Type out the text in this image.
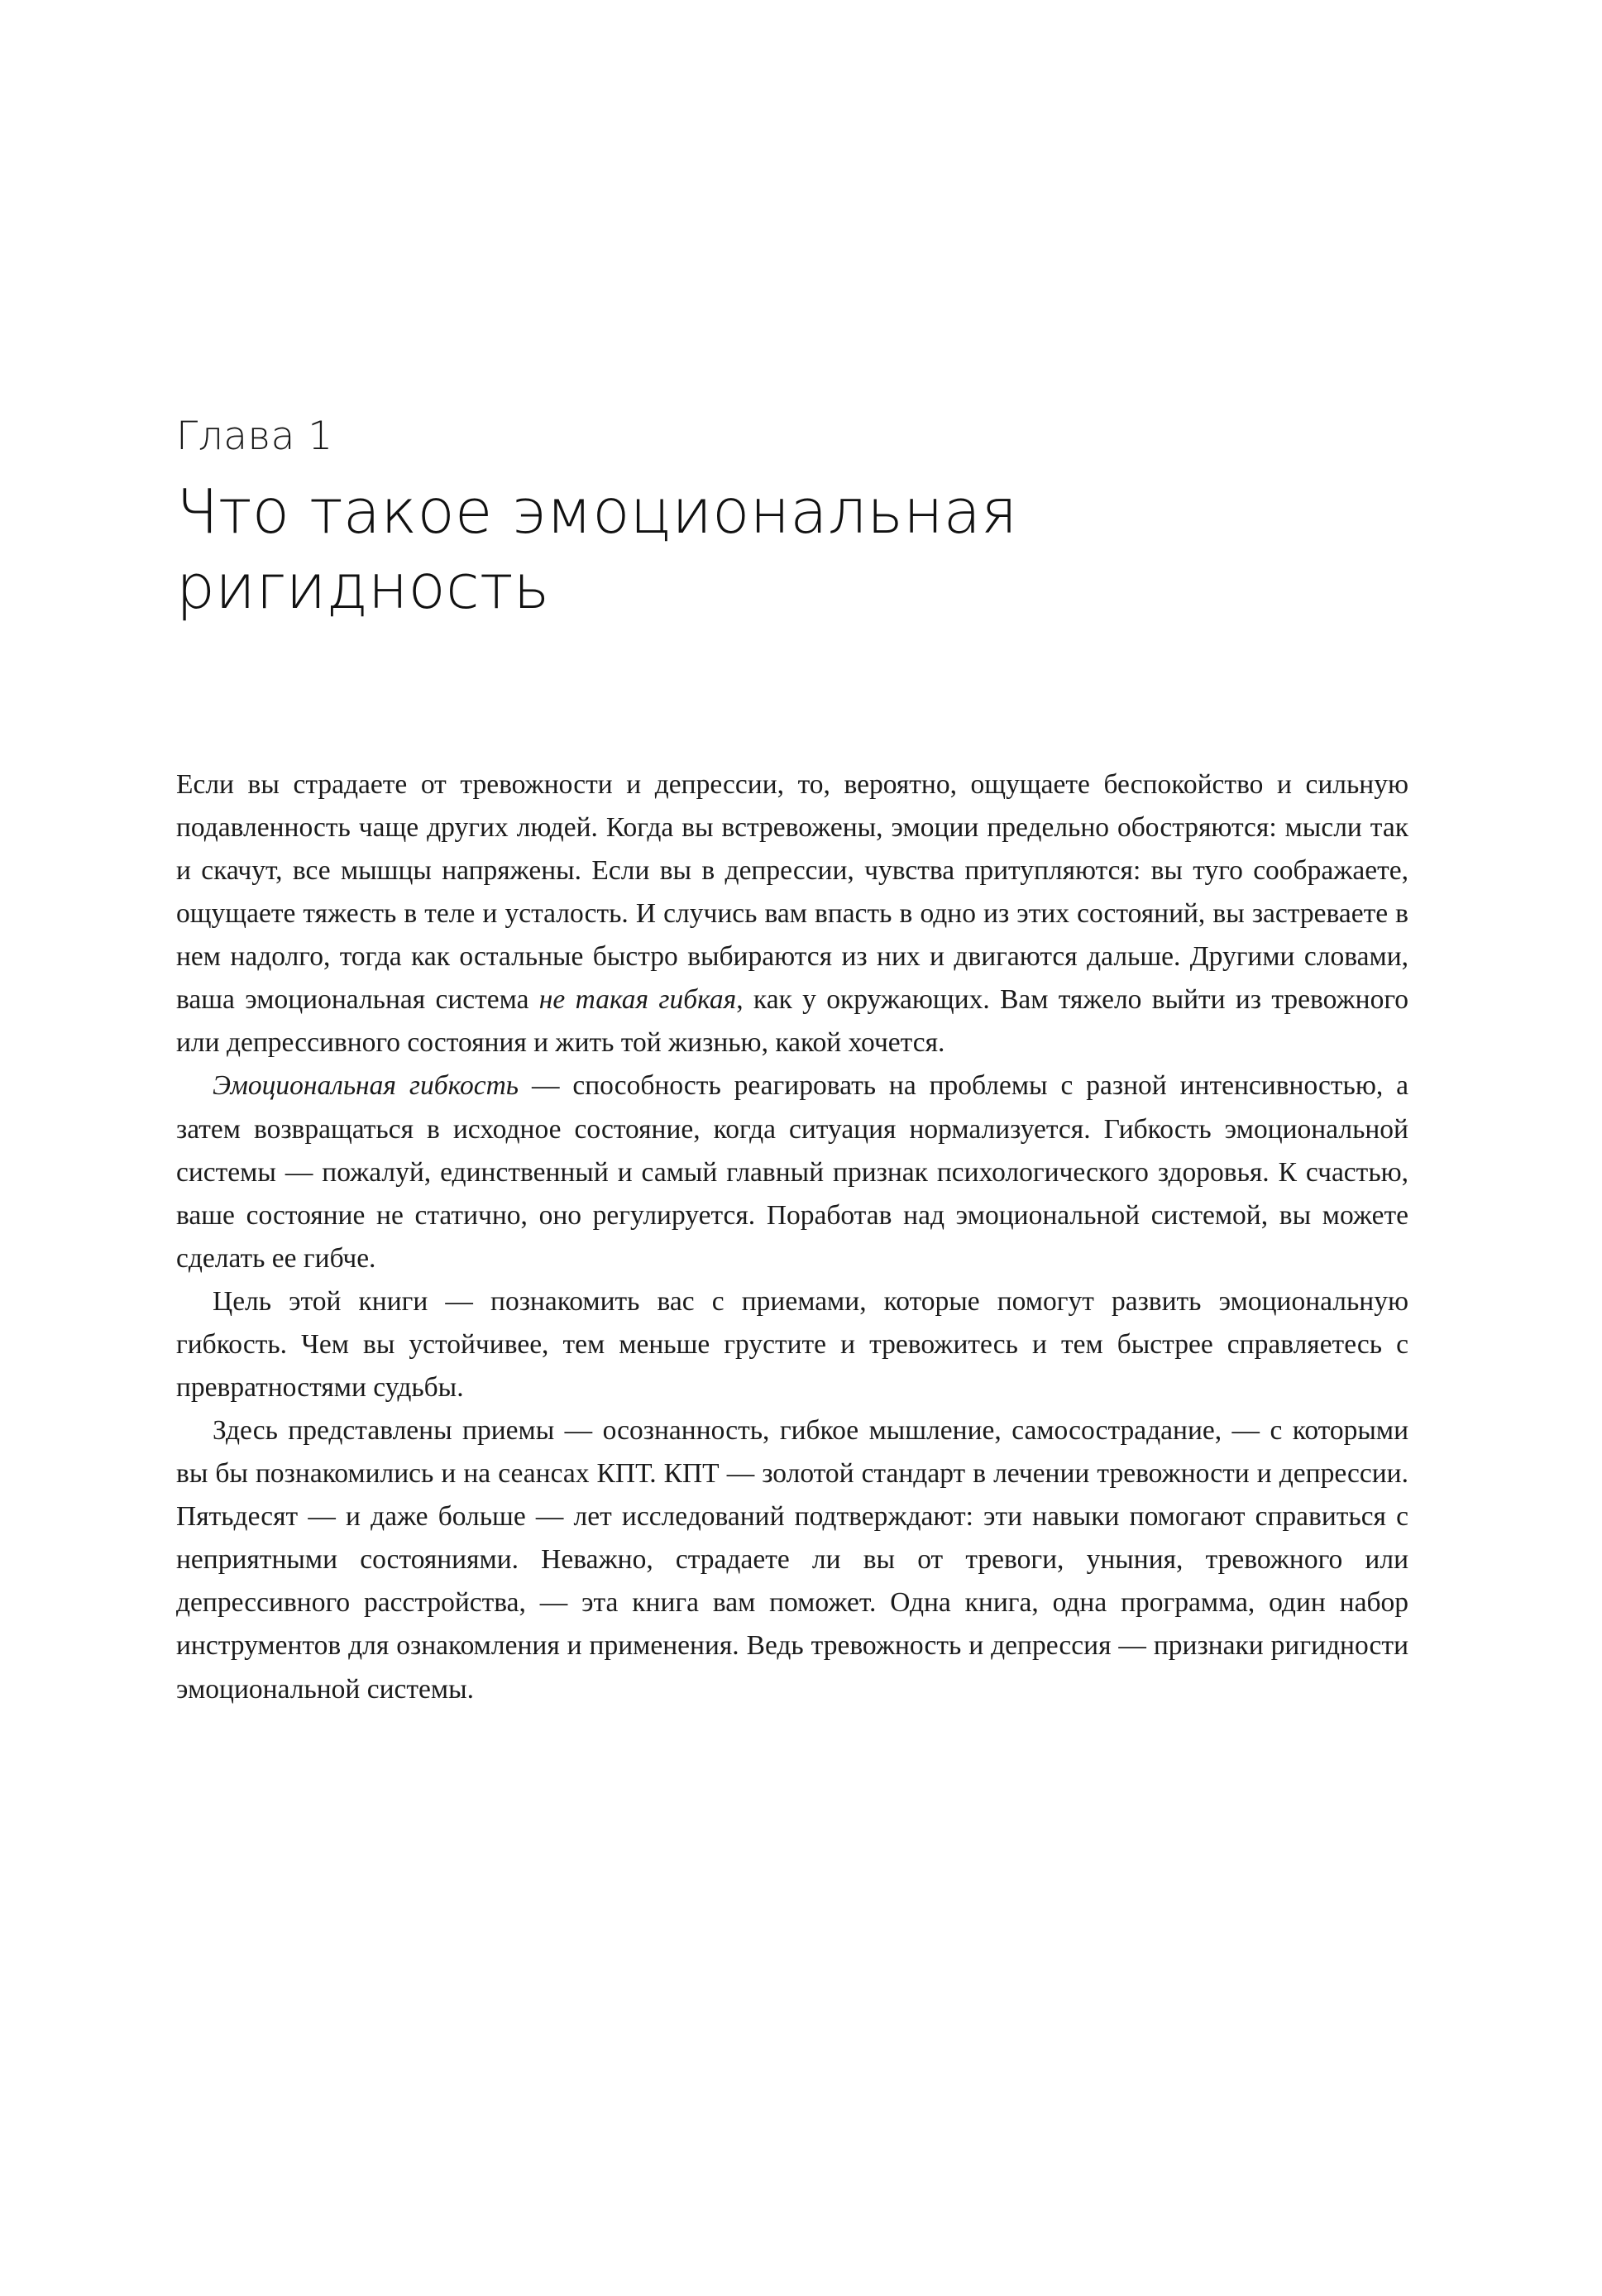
Глава 1
Что такое эмоциональная ригидность

Если вы страдаете от тревожности и депрессии, то, вероятно, ощущаете беспокойство и сильную подавленность чаще других людей. Когда вы встревожены, эмоции предельно обостряются: мысли так и скачут, все мышцы напряжены. Если вы в депрессии, чувства притупляются: вы туго соображаете, ощущаете тяжесть в теле и усталость. И случись вам впасть в одно из этих состояний, вы застреваете в нем надолго, тогда как остальные быстро выбираются из них и двигаются дальше. Другими словами, ваша эмоциональная система не такая гибкая, как у окружающих. Вам тяжело выйти из тревожного или депрессивного состояния и жить той жизнью, какой хочется.

Эмоциональная гибкость — способность реагировать на проблемы с разной интенсивностью, а затем возвращаться в исходное состояние, когда ситуация нормализуется. Гибкость эмоциональной системы — пожалуй, единственный и самый главный признак психологического здоровья. К счастью, ваше состояние не статично, оно регулируется. Поработав над эмоциональной системой, вы можете сделать ее гибче.

Цель этой книги — познакомить вас с приемами, которые помогут развить эмоциональную гибкость. Чем вы устойчивее, тем меньше грустите и тревожитесь и тем быстрее справляетесь с превратностями судьбы.

Здесь представлены приемы — осознанность, гибкое мышление, самосострадание, — с которыми вы бы познакомились и на сеансах КПТ. КПТ — золотой стандарт в лечении тревожности и депрессии. Пятьдесят — и даже больше — лет исследований подтверждают: эти навыки помогают справиться с неприятными состояниями. Неважно, страдаете ли вы от тревоги, уныния, тревожного или депрессивного расстройства, — эта книга вам поможет. Одна книга, одна программа, один набор инструментов для ознакомления и применения. Ведь тревожность и депрессия — признаки ригидности эмоциональной системы.
